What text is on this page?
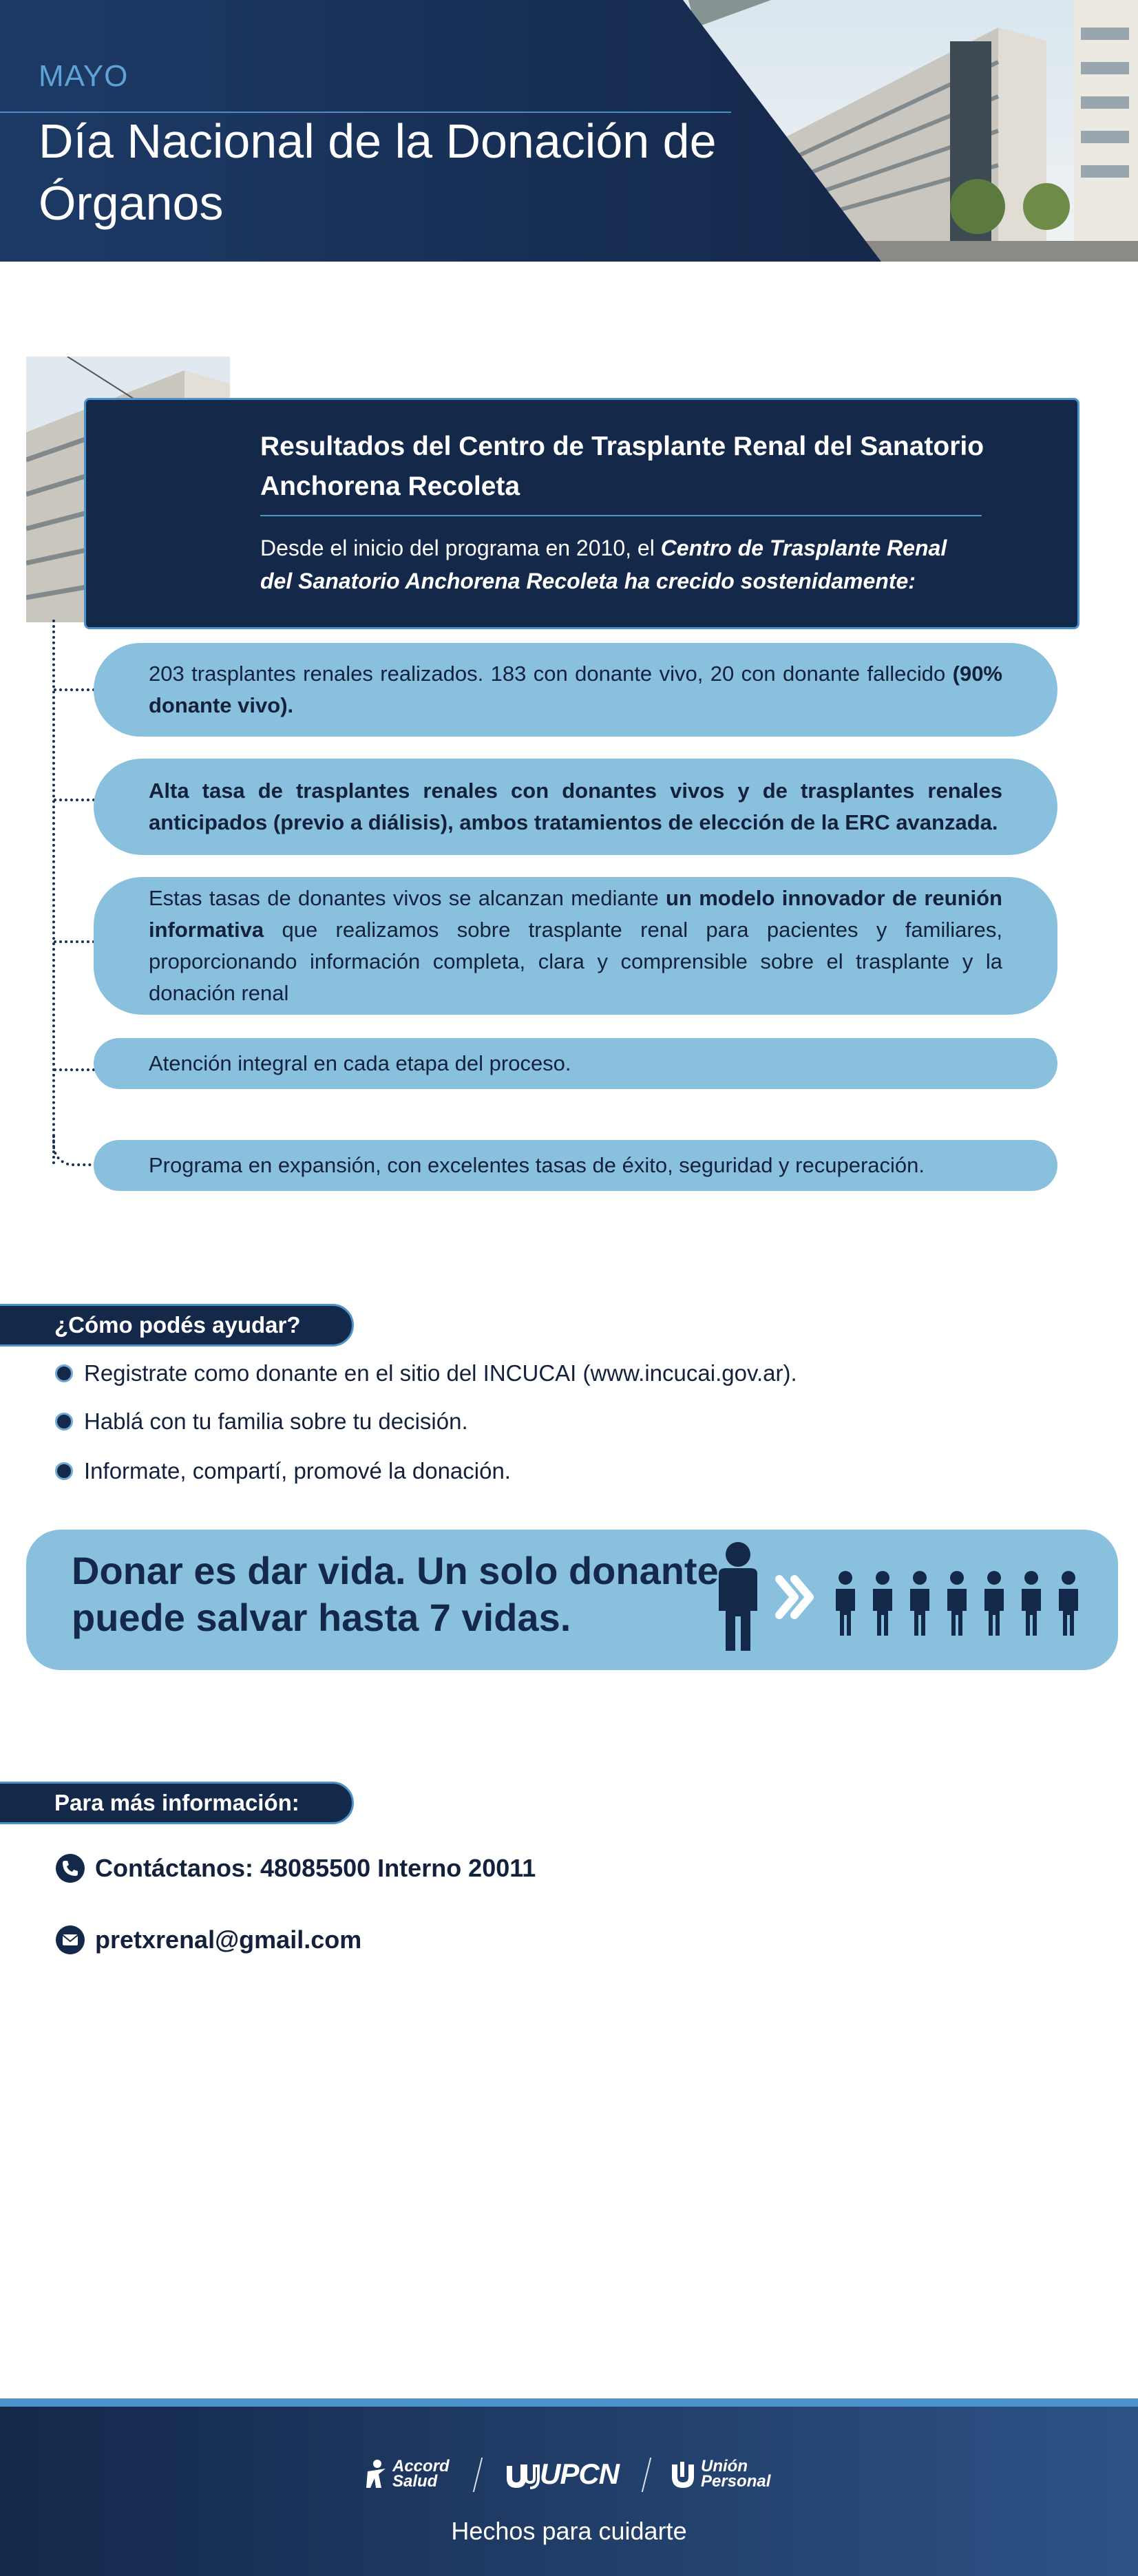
MAYO
Día Nacional de la Donación de Órganos
Resultados del Centro de Trasplante Renal del Sanatorio Anchorena Recoleta
Desde el inicio del programa en 2010, el Centro de Trasplante Renal del Sanatorio Anchorena Recoleta ha crecido sostenidamente:
203 trasplantes renales realizados. 183 con donante vivo, 20 con donante fallecido (90% donante vivo).
Alta tasa de trasplantes renales con donantes vivos y de trasplantes renales anticipados (previo a diálisis), ambos tratamientos de elección de la ERC avanzada.
Estas tasas de donantes vivos se alcanzan mediante un modelo innovador de reunión informativa que realizamos sobre trasplante renal para pacientes y familiares, proporcionando información completa, clara y comprensible sobre el trasplante y la donación renal
Atención integral en cada etapa del proceso.
Programa en expansión, con excelentes tasas de éxito, seguridad y recuperación.
¿Cómo podés ayudar?
Registrate como donante en el sitio del INCUCAI (www.incucai.gov.ar).
Hablá con tu familia sobre tu decisión.
Informate, compartí, promové la donación.
Donar es dar vida. Un solo donante puede salvar hasta 7 vidas.
Para más información:
Contáctanos: 48085500 Interno 20011
pretxrenal@gmail.com
Accord
Salud	UPCN	Unión
Personal
Hechos para cuidarte
